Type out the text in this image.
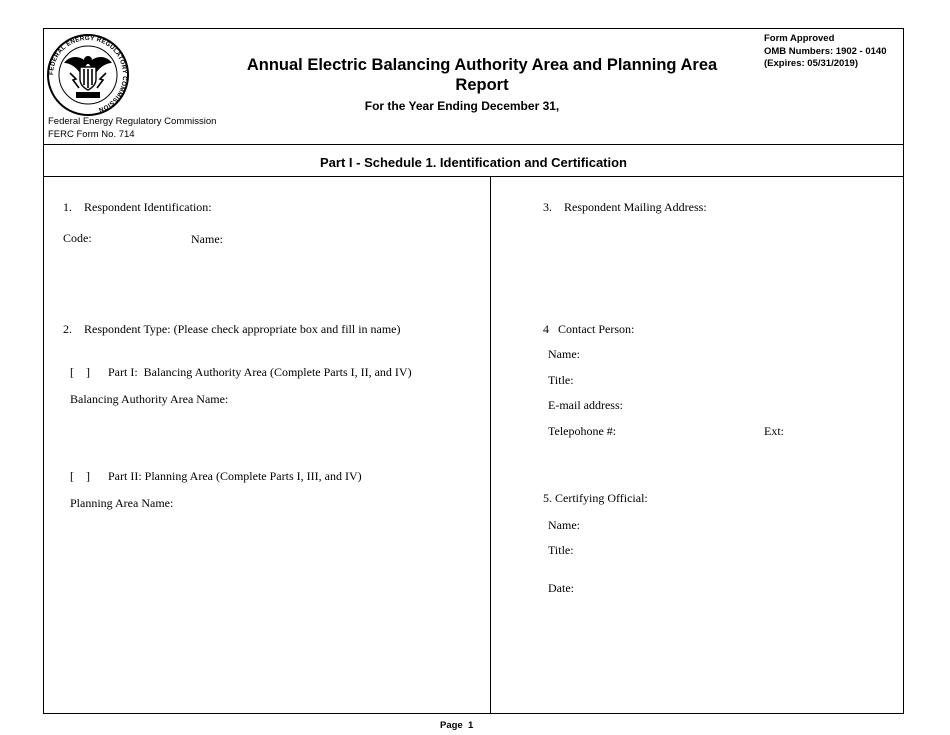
FEDERAL ENERGY REGULATORY COMMISSION
Annual Electric Balancing Authority Area and Planning Area Report
For the Year Ending December 31,
Form Approved
OMB Numbers: 1902 - 0140
(Expires: 05/31/2019)
Federal Energy Regulatory Commission
FERC Form No. 714
Part I - Schedule 1. Identification and Certification
1.    Respondent Identification:
Code:	Name:
2.    Respondent Type: (Please check appropriate box and fill in name)
[    ] Part I:  Balancing Authority Area (Complete Parts I, II, and IV)
Balancing Authority Area Name:
[    ] Part II: Planning Area (Complete Parts I, III, and IV)
Planning Area Name:
3.    Respondent Mailing Address:
4   Contact Person:
Name:
Title:
E-mail address:
Telepohone #:	Ext:
5. Certifying Official:
Name:
Title:
Date:
Page  1
